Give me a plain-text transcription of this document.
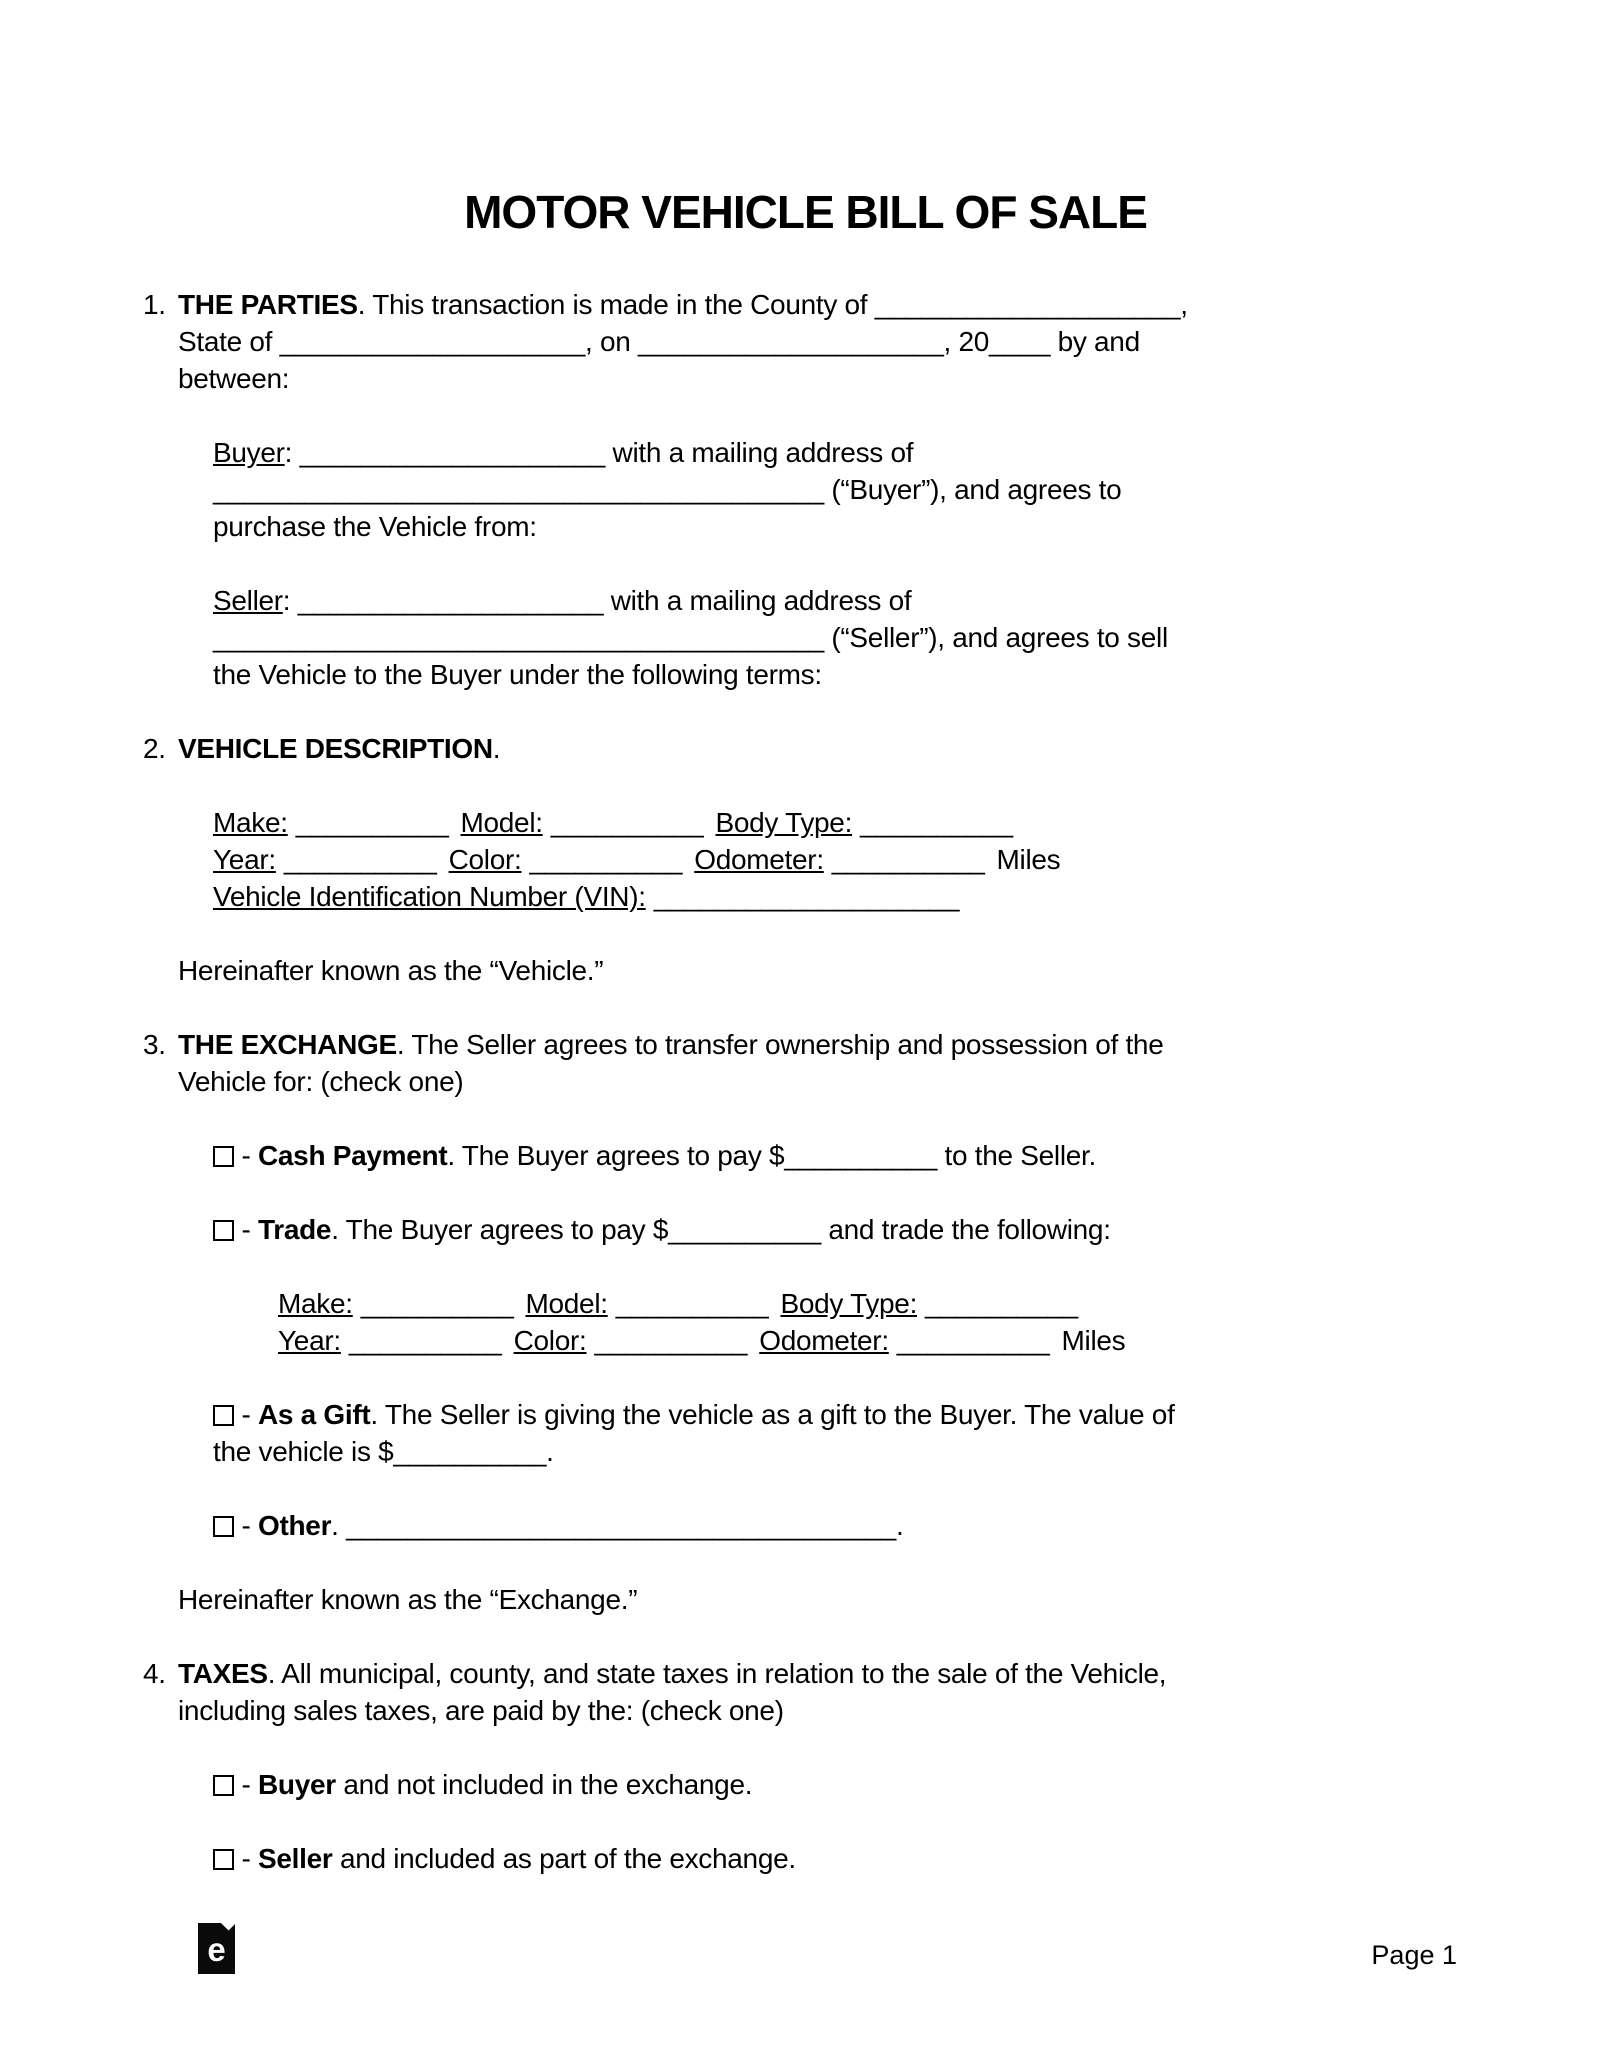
MOTOR VEHICLE BILL OF SALE
1. THE PARTIES. This transaction is made in the County of ____________________,
State of ____________________, on ____________________, 20____ by and
between:
Buyer: ____________________ with a mailing address of
________________________________________ (“Buyer”), and agrees to
purchase the Vehicle from:
Seller: ____________________ with a mailing address of
________________________________________ (“Seller”), and agrees to sell
the Vehicle to the Buyer under the following terms:
2. VEHICLE DESCRIPTION.
Make: __________ Model: __________ Body Type: __________
Year: __________ Color: __________ Odometer: __________ Miles
Vehicle Identification Number (VIN): ____________________
Hereinafter known as the “Vehicle.”
3. THE EXCHANGE. The Seller agrees to transfer ownership and possession of the
Vehicle for: (check one)
- Cash Payment. The Buyer agrees to pay $__________ to the Seller.
- Trade. The Buyer agrees to pay $__________ and trade the following:
Make: __________ Model: __________ Body Type: __________
Year: __________ Color: __________ Odometer: __________ Miles
- As a Gift. The Seller is giving the vehicle as a gift to the Buyer. The value of
the vehicle is $__________.
- Other. ____________________________________.
Hereinafter known as the “Exchange.”
4. TAXES. All municipal, county, and state taxes in relation to the sale of the Vehicle,
including sales taxes, are paid by the: (check one)
- Buyer and not included in the exchange.
- Seller and included as part of the exchange.
e	Page 1
